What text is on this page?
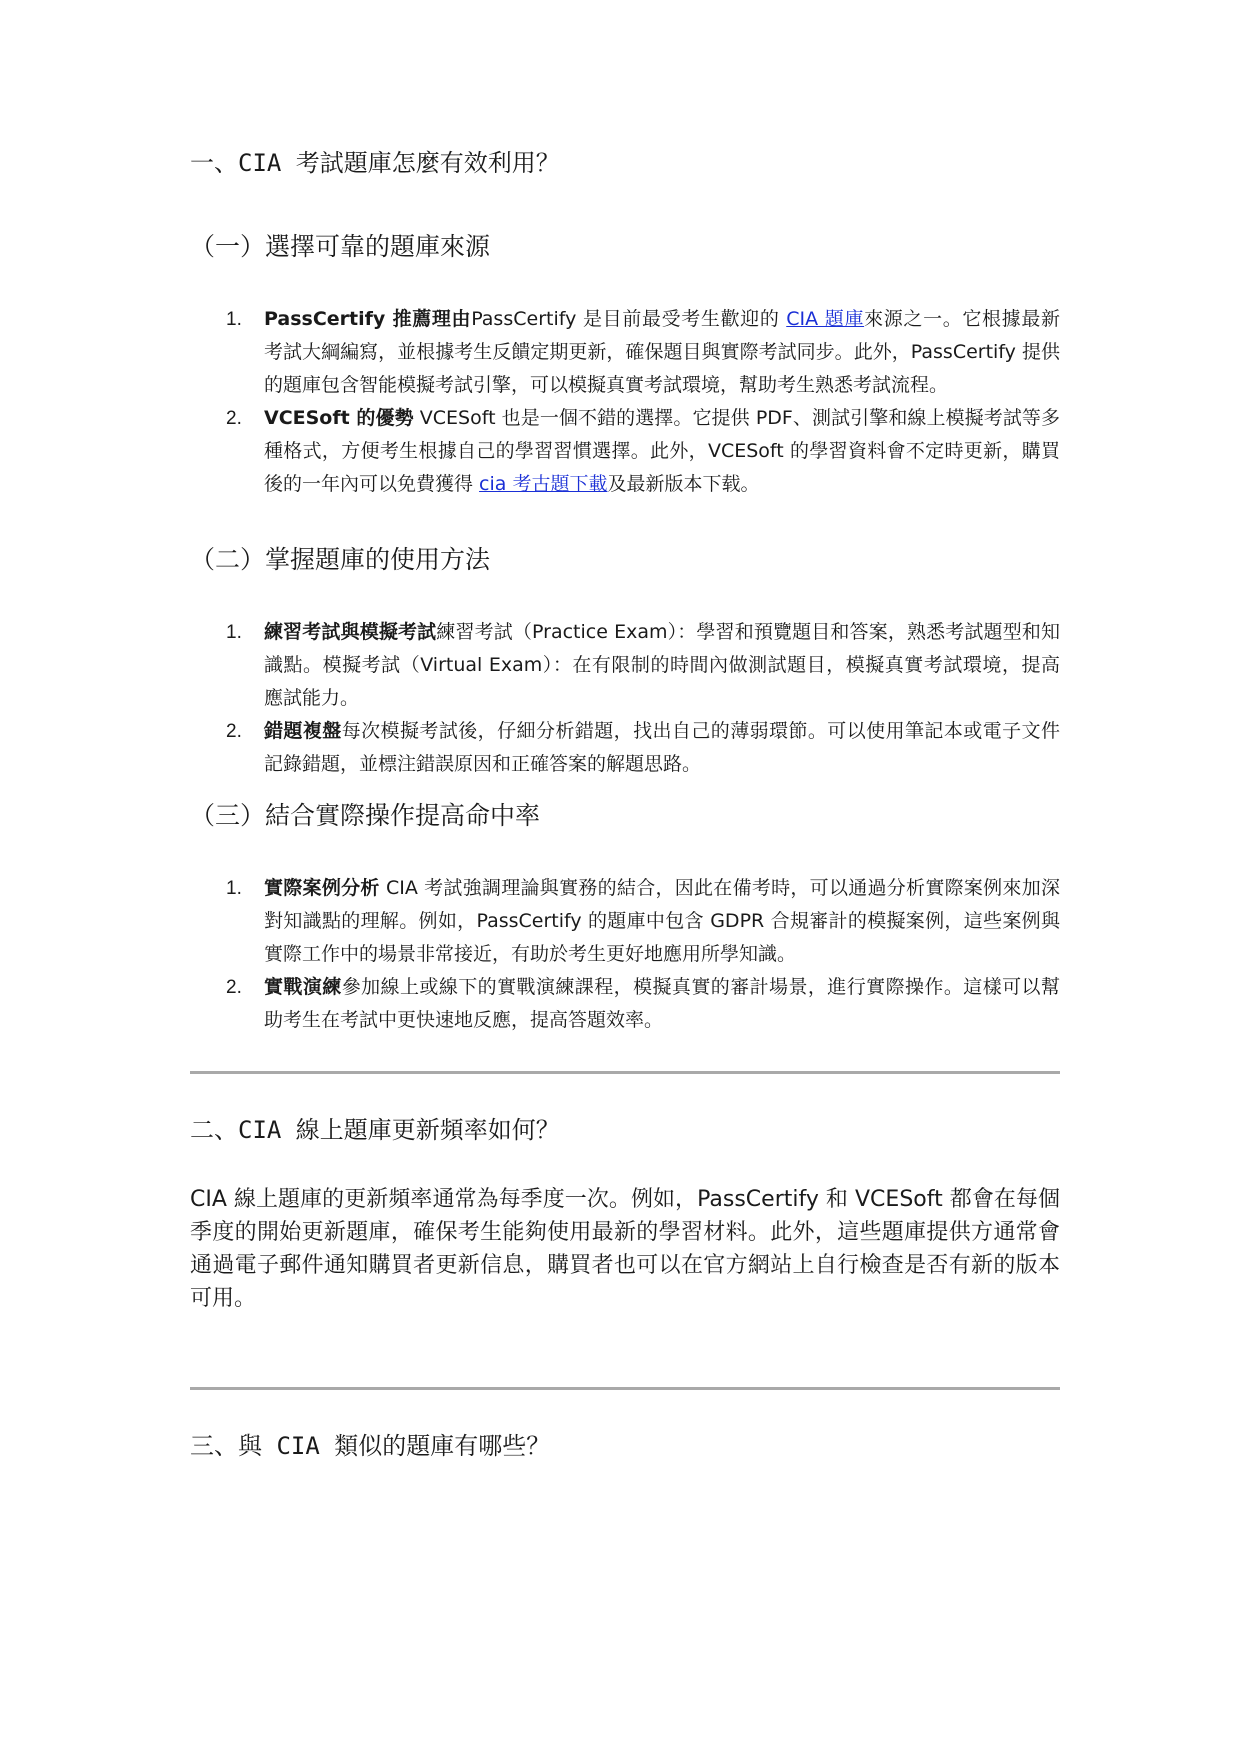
一、CIA 考試題庫怎麼有效利用？
（一）選擇可靠的題庫來源
1. PassCertify 推薦理由PassCertify 是目前最受考生歡迎的 CIA 題庫來源之一。它根據最新考試大綱編寫，並根據考生反饋定期更新，確保題目與實際考試同步。此外，PassCertify 提供的題庫包含智能模擬考試引擎，可以模擬真實考試環境，幫助考生熟悉考試流程。
2. VCESoft 的優勢 VCESoft 也是一個不錯的選擇。它提供 PDF、測試引擎和線上模擬考試等多種格式，方便考生根據自己的學習習慣選擇。此外，VCESoft 的學習資料會不定時更新，購買後的一年內可以免費獲得 cia 考古題下載及最新版本下载。
（二）掌握題庫的使用方法
1. 練習考試與模擬考試練習考試（Practice Exam）：學習和預覽題目和答案，熟悉考試題型和知識點。模擬考試（Virtual Exam）：在有限制的時間內做測試題目，模擬真實考試環境，提高應試能力。
2. 錯題複盤每次模擬考試後，仔細分析錯題，找出自己的薄弱環節。可以使用筆記本或電子文件記錄錯題，並標注錯誤原因和正確答案的解題思路。
（三）結合實際操作提高命中率
1. 實際案例分析 CIA 考試強調理論與實務的結合，因此在備考時，可以通過分析實際案例來加深對知識點的理解。例如，PassCertify 的題庫中包含 GDPR 合規審計的模擬案例，這些案例與實際工作中的場景非常接近，有助於考生更好地應用所學知識。
2. 實戰演練參加線上或線下的實戰演練課程，模擬真實的審計場景，進行實際操作。這樣可以幫助考生在考試中更快速地反應，提高答題效率。
二、CIA 線上題庫更新頻率如何？

CIA 線上題庫的更新頻率通常為每季度一次。例如，PassCertify 和 VCESoft 都會在每個季度的開始更新題庫，確保考生能夠使用最新的學習材料。此外，這些題庫提供方通常會通過電子郵件通知購買者更新信息，購買者也可以在官方網站上自行檢查是否有新的版本可用。

三、與 CIA 類似的題庫有哪些？
